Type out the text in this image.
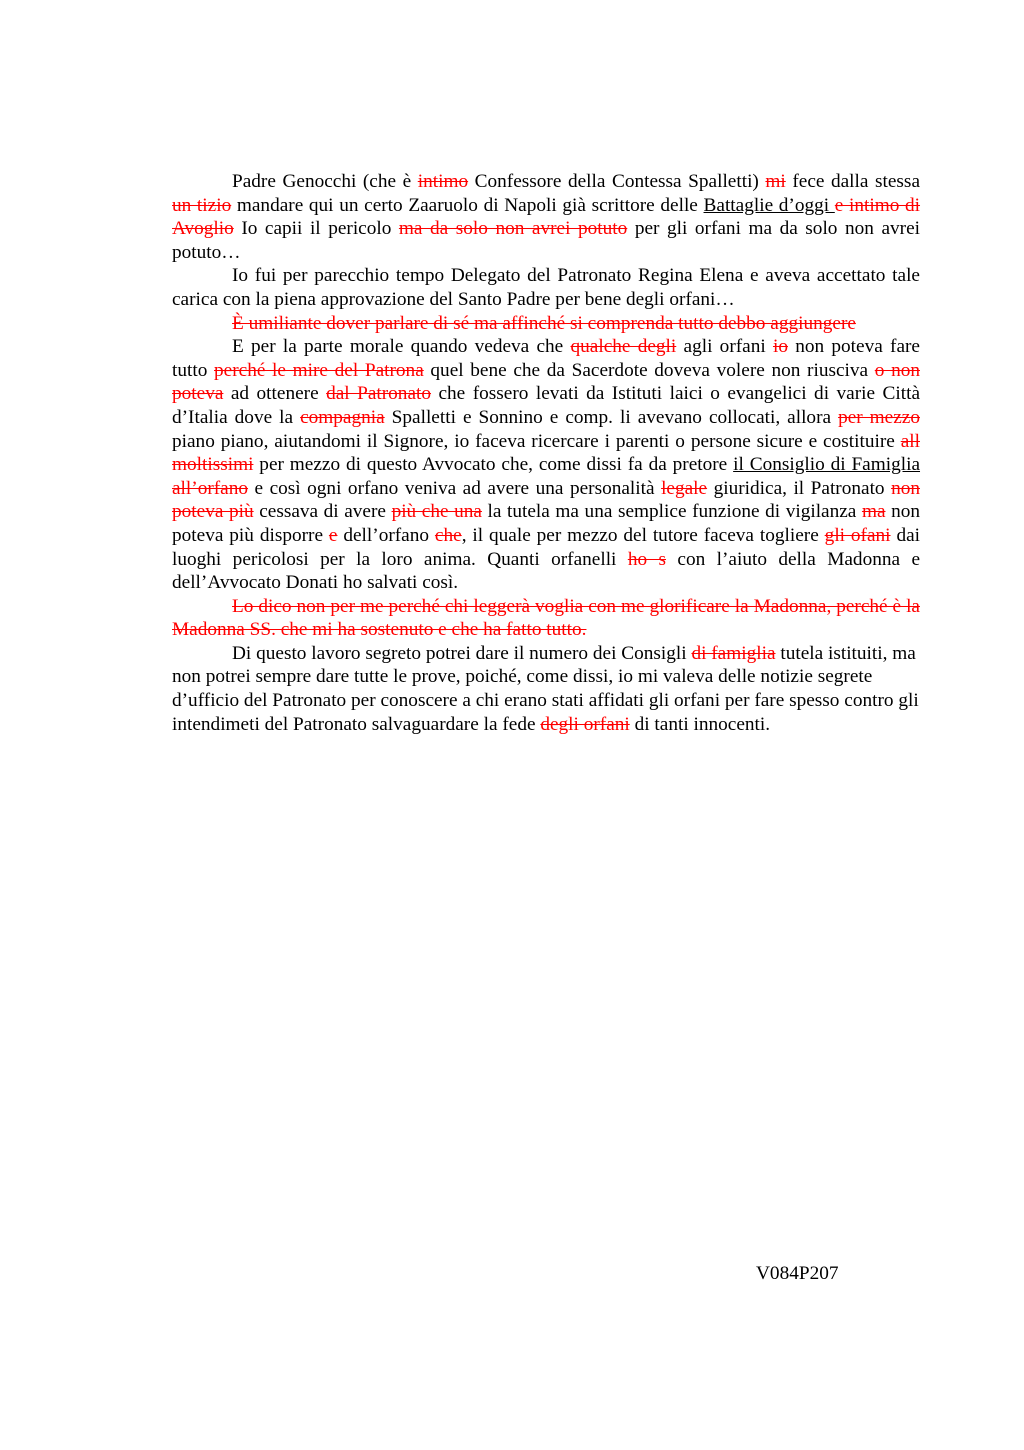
Padre Genocchi (che è intimo Confessore della Contessa Spalletti) mi fece dalla stessa un tizio mandare qui un certo Zaaruolo di Napoli già scrittore delle Battaglie d’oggi e intimo di Avoglio Io capii il pericolo ma da solo non avrei potuto per gli orfani ma da solo non avrei potuto…

Io fui per parecchio tempo Delegato del Patronato Regina Elena e aveva accettato tale carica con la piena approvazione del Santo Padre per bene degli orfani…

È umiliante dover parlare di sé ma affinché si comprenda tutto debbo aggiungere

E per la parte morale quando vedeva che qualche degli agli orfani io non poteva fare tutto perché le mire del Patrona quel bene che da Sacerdote doveva volere non riusciva o non poteva ad ottenere dal Patronato che fossero levati da Istituti laici o evangelici di varie Città d’Italia dove la compagnia Spalletti e Sonnino e comp. li avevano collocati, allora per mezzo piano piano, aiutandomi il Signore, io faceva ricercare i parenti o persone sicure e costituire all moltissimi per mezzo di questo Avvocato che, come dissi fa da pretore il Consiglio di Famiglia all’orfano e così ogni orfano veniva ad avere una personalità legale giuridica, il Patronato non poteva più cessava di avere più che una la tutela ma una semplice funzione di vigilanza ma non poteva più disporre e dell’orfano che, il quale per mezzo del tutore faceva togliere gli ofani dai luoghi pericolosi per la loro anima. Quanti orfanelli ho s con l’aiuto della Madonna e dell’Avvocato Donati ho salvati così.

Lo dico non per me perché chi leggerà voglia con me glorificare la Madonna, perché è la Madonna SS. che mi ha sostenuto e che ha fatto tutto.

Di questo lavoro segreto potrei dare il numero dei Consigli di famiglia tutela istituiti, ma non potrei sempre dare tutte le prove, poiché, come dissi, io mi valeva delle notizie segrete d’ufficio del Patronato per conoscere a chi erano stati affidati gli orfani per fare spesso contro gli intendimeti del Patronato salvaguardare la fede degli orfani di tanti innocenti.

V084P207
